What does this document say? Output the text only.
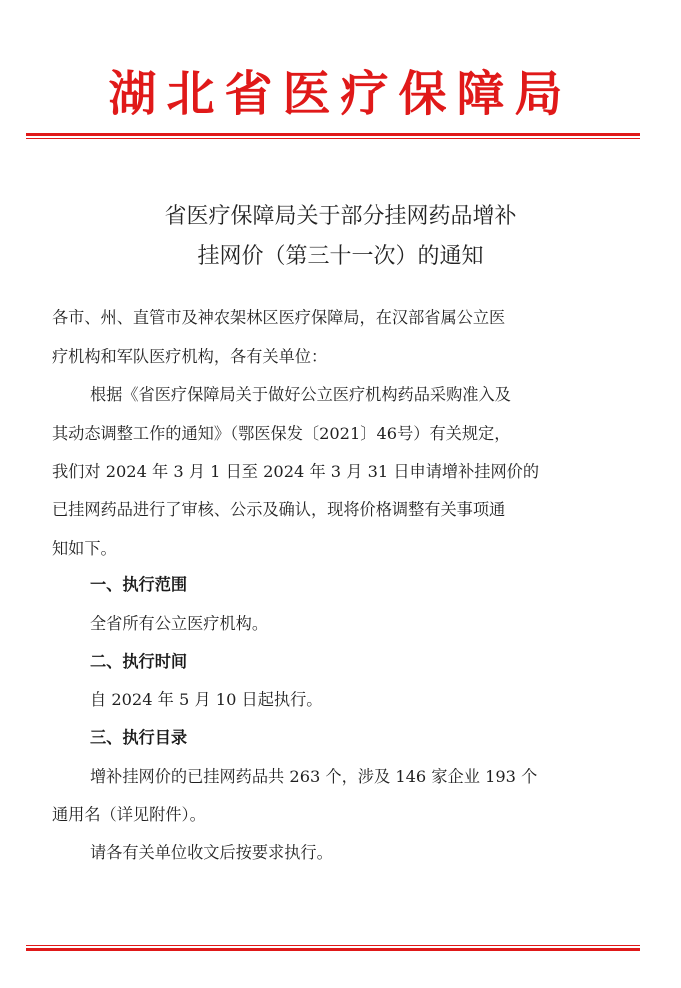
湖北省医疗保障局
省医疗保障局关于部分挂网药品增补
挂网价（第三十一次）的通知
各市、州、直管市及神农架林区医疗保障局，在汉部省属公立医
疗机构和军队医疗机构，各有关单位：
根据《省医疗保障局关于做好公立医疗机构药品采购准入及
其动态调整工作的通知》（鄂医保发〔2021〕46号）有关规定，
我们对 2024 年 3 月 1 日至 2024 年 3 月 31 日申请增补挂网价的
已挂网药品进行了审核、公示及确认，现将价格调整有关事项通
知如下。
一、执行范围
全省所有公立医疗机构。
二、执行时间
自 2024 年 5 月 10 日起执行。
三、执行目录
增补挂网价的已挂网药品共 263 个，涉及 146 家企业 193 个
通用名（详见附件）。
请各有关单位收文后按要求执行。
